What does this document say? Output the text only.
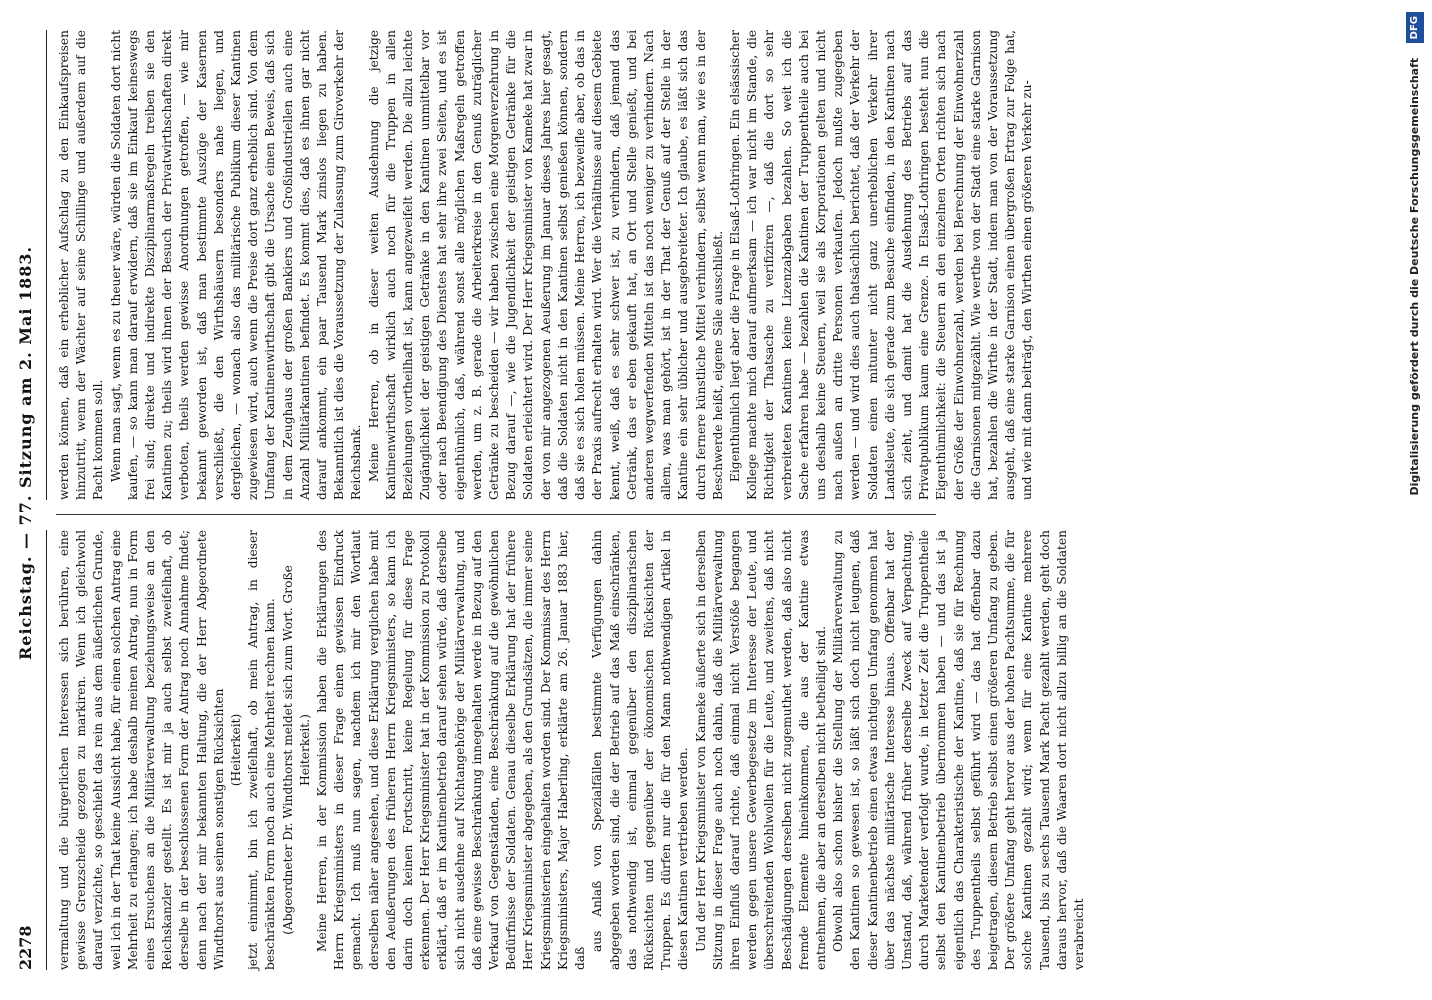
2278
Reichstag. — 77. Sitzung am 2. Mai 1883.

vermaltung und die bürgerlichen Interessen sich berühren, eine gewisse Grenzscheide gezogen zu markiren. Wenn ich gleichwohl darauf verzichte, so geschieht das rein aus dem äußerlichen Grunde, weil ich in der That keine Aussicht habe, für einen solchen Antrag eine Mehrheit zu erlangen; ich habe deshalb meinen Antrag, nun in Form eines Ersuchens an die Militärverwaltung beziehungsweise an den Reichskanzler gestellt. Es ist mir ja auch selbst zweifelhaft, ob derselbe in der beschlossenen Form der Antrag noch Annahme findet; denn nach der mir bekannten Haltung, die der Herr Abgeordnete Windthorst aus seinen sonstigen Rücksichten (Heiterkeit) jetzt einnimmt, bin ich zweifelhaft, ob mein Antrag, in dieser beschränkten Form noch auch eine Mehrheit rechnen kann. (Abgeordneter Dr. Windthorst meldet sich zum Wort. Große Heiterkeit.) Meine Herren, in der Kommission haben die Erklärungen des Herrn Kriegsministers in dieser Frage einen gewissen Eindruck gemacht. Ich muß nun sagen, nachdem ich mir den Wortlaut derselben näher angesehen, und diese Erklärung verglichen habe mit den Aeußerungen des früheren Herrn Kriegsministers, so kann ich darin doch keinen Fortschritt, keine Regelung für diese Frage erkennen. Der Herr Kriegsminister hat in der Kommission zu Protokoll erklärt, daß er im Kantinenbetrieb darauf sehen würde, daß derselbe sich nicht ausdehne auf Nichtangehörige der Militärverwaltung, und daß eine gewisse Beschränkung innegehalten werde in Bezug auf den Verkauf von Gegenständen, eine Beschränkung auf die gewöhnlichen Bedürfnisse der Soldaten. Genau dieselbe Erklärung hat der frühere Herr Kriegsminister abgegeben, als den Grundsätzen, die immer seine Kriegsministerien eingehalten worden sind. Der Kommissar des Herrn Kriegsministers, Major Haberling, erklärte am 26. Januar 1883 hier, daß

aus Anlaß von Spezialfällen bestimmte Verfügungen dahin abgegeben worden sind, die der Betrieb auf das Maß einschränken, das nothwendig ist, einmal gegenüber den disziplinarischen Rücksichten und gegenüber der ökonomischen Rücksichten der Truppen. Es dürfen nur die für den Mann nothwendigen Artikel in diesen Kantinen vertrieben werden. Und der Herr Kriegsminister von Kameke äußerte sich in derselben Sitzung in dieser Frage auch noch dahin, daß die Militärverwaltung ihren Einfluß darauf richte, daß einmal nicht Verstöße begangen werden gegen unsere Gewerbegesetze im Interesse der Leute, und überschreitenden Wohlwollen für die Leute, und zweitens, daß nicht Beschädigungen derselben nicht zugemuthet werden, daß also nicht fremde Elemente hineinkommen, die aus der Kantine etwas entnehmen, die aber an derselben nicht betheiligt sind. Obwohl also schon bisher die Stellung der Militärverwaltung zu den Kantinen so gewesen ist, so läßt sich doch nicht leugnen, daß dieser Kantinenbetrieb einen etwas nichtigen Umfang genommen hat über das nächste militärische Interesse hinaus. Offenbar hat der Umstand, daß, während früher derselbe Zweck auf Verpachtung, durch Marketender verfolgt wurde, in letzter Zeit die Truppentheile selbst den Kantinenbetrieb übernommen haben — und das ist ja eigentlich das Charakteristische der Kantine, daß sie für Rechnung des Truppentheils selbst geführt wird — das hat offenbar dazu beigetragen, diesem Betrieb selbst einen größeren Umfang zu geben. Der größere Umfang geht hervor aus der hohen Pachtsumme, die für solche Kantinen gezahlt wird; wenn für eine Kantine mehrere Tausend, bis zu sechs Tausend Mark Pacht gezahlt werden, geht doch daraus hervor, daß die Waaren dort nicht allzu billig an die Soldaten verabreicht

werden können, daß ein erheblicher Aufschlag zu den Einkaufspreisen hinzutritt, wenn der Wächter auf seine Schillinge und außerdem auf die Pacht kommen soll. Wenn man sagt, wenn es zu theuer wäre, würden die Soldaten dort nicht kaufen, — so kann man darauf erwidern, daß sie im Einkauf keineswegs frei sind; direkte und indirekte Disziplinarmaßregeln treiben sie den Kantinen zu; theils wird ihnen der Besuch der Privatwirthschaften direkt verboten, theils werden gewisse Anordnungen getroffen, — wie mir bekannt geworden ist, daß man bestimmte Auszüge der Kasernen verschließt, die den Wirthshäusern besonders nahe liegen, und dergleichen, — wonach also das militärische Publikum dieser Kantinen zugewiesen wird, auch wenn die Preise dort ganz erheblich sind. Von dem Umfang der Kantinenwirthschaft gibt die Ursache einen Beweis, daß sich in dem Zeughaus der großen Bankiers und Großindustriellen auch eine Anzahl Militärkantinen befindet. Es kommt dies, daß es ihnen gar nicht darauf ankommt, ein paar Tausend Mark zinslos liegen zu haben. Bekanntlich ist dies die Voraussetzung der Zulassung zum Giroverkehr der Reichsbank. Meine Herren, ob in dieser weiten Ausdehnung die jetzige Kantinenwirthschaft wirklich auch noch für die Truppen in allen Beziehungen vortheilhaft ist, kann angezweifelt werden. Die allzu leichte Zugänglichkeit der geistigen Getränke in den Kantinen unmittelbar vor oder nach Beendigung des Dienstes hat sehr ihre zwei Seiten, und es ist eigenthümlich, daß, während sonst alle möglichen Maßregeln getroffen werden, um z. B. gerade die Arbeiterkreise in den Genuß zuträglicher Getränke zu bescheiden — wir haben zwischen eine Morgenverzehrung in Bezug darauf —, wie die Jugendlichkeit der geistigen Getränke für die Soldaten erleichtert wird. Der Herr Kriegsminister von Kameke hat zwar in der von mir angezogenen Aeußerung im Januar dieses Jahres hier gesagt, daß die Soldaten nicht in den Kantinen selbst genießen können, sondern daß sie es sich holen müssen. Meine Herren, ich bezweifle aber, ob das in der Praxis aufrecht erhalten wird. Wer die Verhältnisse auf diesem Gebiete kennt, weiß, daß es sehr schwer ist, zu verhindern, daß jemand das Getränk, das er eben gekauft hat, an Ort und Stelle genießt, und bei anderen wegwerfenden Mitteln ist das noch weniger zu verhindern. Nach allem, was man gehört, ist in der That der Genuß auf der Stelle in der Kantine ein sehr üblicher und ausgebreiteter. Ich glaube, es läßt sich das durch fernere künstliche Mittel verhindern, selbst wenn man, wie es in der Beschwerde heißt, eigene Säle ausschließt. Eigenthümlich liegt aber die Frage in Elsaß-Lothringen. Ein elsässischer Kollege machte mich darauf aufmerksam — ich war nicht im Stande, die Richtigkeit der Thatsache zu verifiziren —, daß die dort so sehr verbreiteten Kantinen keine Lizenzabgaben bezahlen. So weit ich die Sache erfahren habe — bezahlen die Kantinen der Truppentheile auch bei uns deshalb keine Steuern, weil sie als Korporationen gelten und nicht nach außen an dritte Personen verkaufen. Jedoch mußte zugegeben werden — und wird dies auch thatsächlich berichtet, daß der Verkehr der Soldaten einen mitunter nicht ganz unerheblichen Verkehr ihrer Landsleute, die sich gerade zum Besuche einfinden, in den Kantinen nach sich zieht, und damit hat die Ausdehnung des Betriebs auf das Privatpublikum kaum eine Grenze. In Elsaß-Lothringen besteht nun die Eigenthümlichkeit: die Steuern an den einzelnen Orten richten sich nach der Größe der Einwohnerzahl, werden bei Berechnung der Einwohnerzahl die Garnisonen mitgezählt. Wie werthe von der Stadt eine starke Garnison hat, bezahlen die Wirthe in der Stadt, indem man von der Voraussetzung ausgeht, daß eine starke Garnison einen übergroßen Ertrag zur Folge hat, und wie mit dann beiträgt, den Wirthen einen größeren Verkehr zu-	Digitalisierung gefördert durch die Deutsche Forschungsgemeinschaft
DFG
